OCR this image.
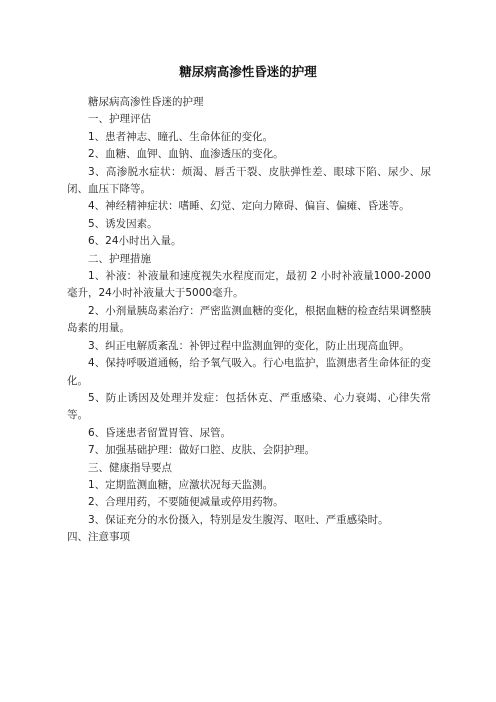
糖尿病高渗性昏迷的护理

糖尿病高渗性昏迷的护理

一、护理评估

1、患者神志、瞳孔、生命体征的变化。

2、血糖、血钾、血钠、血渗透压的变化。

3、高渗脱水症状：烦渴、唇舌干裂、皮肤弹性差、眼球下陷、尿少、尿闭、血压下降等。

4、神经精神症状：嗜睡、幻觉、定向力障碍、偏盲、偏瘫、昏迷等。

5、诱发因素。

6、24小时出入量。

二、护理措施

1、补液：补液量和速度视失水程度而定，最初 2 小时补液量1000-2000毫升，24小时补液量大于5000毫升。

2、小剂量胰岛素治疗：严密监测血糖的变化，根据血糖的检查结果调整胰岛素的用量。

3、纠正电解质紊乱：补钾过程中监测血钾的变化，防止出现高血钾。

4、保持呼吸道通畅，给予氧气吸入。行心电监护，监测患者生命体征的变化。

5、防止诱因及处理并发症：包括休克、严重感染、心力衰竭、心律失常等。

6、昏迷患者留置胃管、尿管。

7、加强基础护理：做好口腔、皮肤、会阴护理。

三、健康指导要点

1、定期监测血糖，应激状况每天监测。

2、合理用药，不要随便减量或停用药物。

3、保证充分的水份摄入，特别是发生腹泻、呕吐、严重感染时。

四、注意事项
